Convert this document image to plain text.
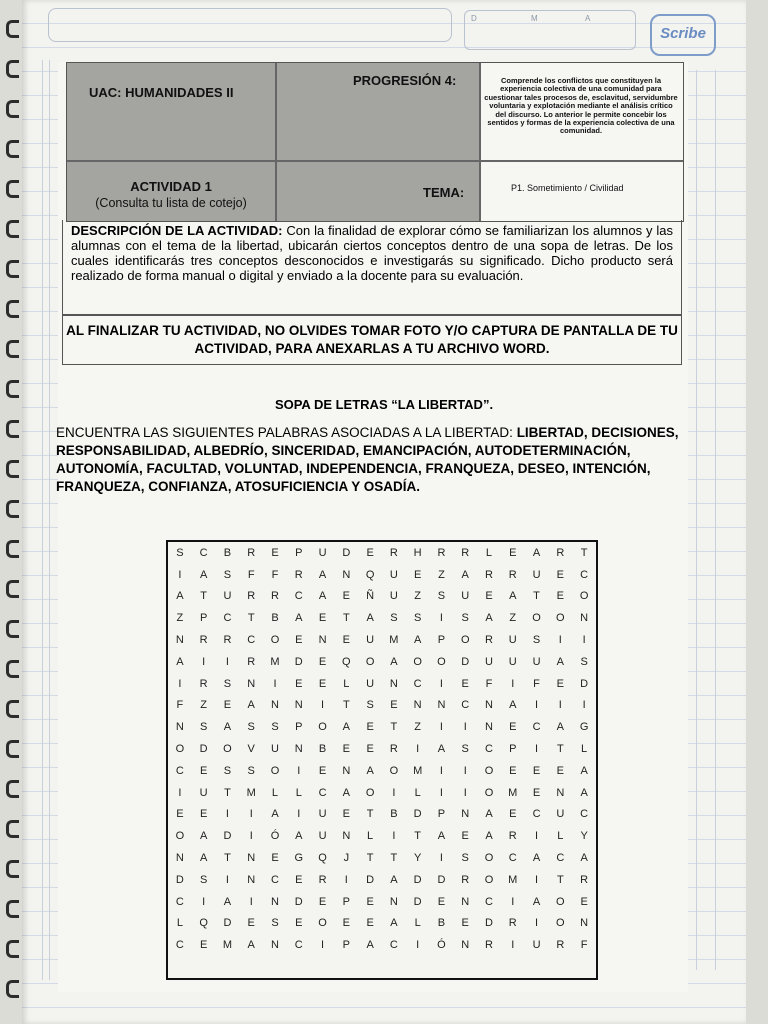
D	M	A
Scribe
UAC: HUMANIDADES II
PROGRESIÓN 4:	Comprende los conflictos que constituyen la experiencia colectiva de una comunidad para cuestionar tales procesos de, esclavitud, servidumbre voluntaria y explotación mediante el análisis crítico del discurso. Lo anterior le permite concebir los sentidos y formas de la experiencia colectiva de una comunidad.
ACTIVIDAD 1
(Consulta tu lista de cotejo)
TEMA:	P1. Sometimiento / Civilidad
DESCRIPCIÓN DE LA ACTIVIDAD: Con la finalidad de explorar cómo se familiarizan los alumnos y las alumnas con el tema de la libertad, ubicarán ciertos conceptos dentro de una sopa de letras. De los cuales identificarás tres conceptos desconocidos e investigarás su significado. Dicho producto será realizado de forma manual o digital y enviado a la docente para su evaluación.
AL FINALIZAR TU ACTIVIDAD, NO OLVIDES TOMAR FOTO Y/O CAPTURA DE PANTALLA DE TU ACTIVIDAD, PARA ANEXARLAS A TU ARCHIVO WORD.
SOPA DE LETRAS “LA LIBERTAD”.
ENCUENTRA LAS SIGUIENTES PALABRAS ASOCIADAS A LA LIBERTAD: LIBERTAD, DECISIONES, RESPONSABILIDAD, ALBEDRÍO, SINCERIDAD, EMANCIPACIÓN, AUTODETERMINACIÓN, AUTONOMÍA, FACULTAD, VOLUNTAD, INDEPENDENCIA, FRANQUEZA, DESEO, INTENCIÓN, FRANQUEZA, CONFIANZA, ATOSUFICIENCIA Y OSADÍA.
S	C	B	R	E	P	U	D	E	R	H	R	R	L	E	A	R	T
I	A	S	F	F	R	A	N	Q	U	E	Z	A	R	R	U	E	C
A	T	U	R	R	C	A	E	Ñ	U	Z	S	U	E	A	T	E	O
Z	P	C	T	B	A	E	T	A	S	S	I	S	A	Z	O	O	N
N	R	R	C	O	E	N	E	U	M	A	P	O	R	U	S	I	I
A	I	I	R	M	D	E	Q	O	A	O	O	D	U	U	U	A	S
I	R	S	N	I	E	E	L	U	N	C	I	E	F	I	F	E	D
F	Z	E	A	N	N	I	T	S	E	N	N	C	N	A	I	I	I
N	S	A	S	S	P	O	A	E	T	Z	I	I	N	E	C	A	G
O	D	O	V	U	N	B	E	E	R	I	A	S	C	P	I	T	L
C	E	S	S	O	I	E	N	A	O	M	I	I	O	E	E	E	A
I	U	T	M	L	L	C	A	O	I	L	I	I	O	M	E	N	A
E	E	I	I	A	I	U	E	T	B	D	P	N	A	E	C	U	C
O	A	D	I	Ó	A	U	N	L	I	T	A	E	A	R	I	L	Y
N	A	T	N	E	G	Q	J	T	T	Y	I	S	O	C	A	C	A
D	S	I	N	C	E	R	I	D	A	D	D	R	O	M	I	T	R
C	I	A	I	N	D	E	P	E	N	D	E	N	C	I	A	O	E
L	Q	D	E	S	E	O	E	E	A	L	B	E	D	R	I	O	N
C	E	M	A	N	C	I	P	A	C	I	Ó	N	R	I	U	R	F
